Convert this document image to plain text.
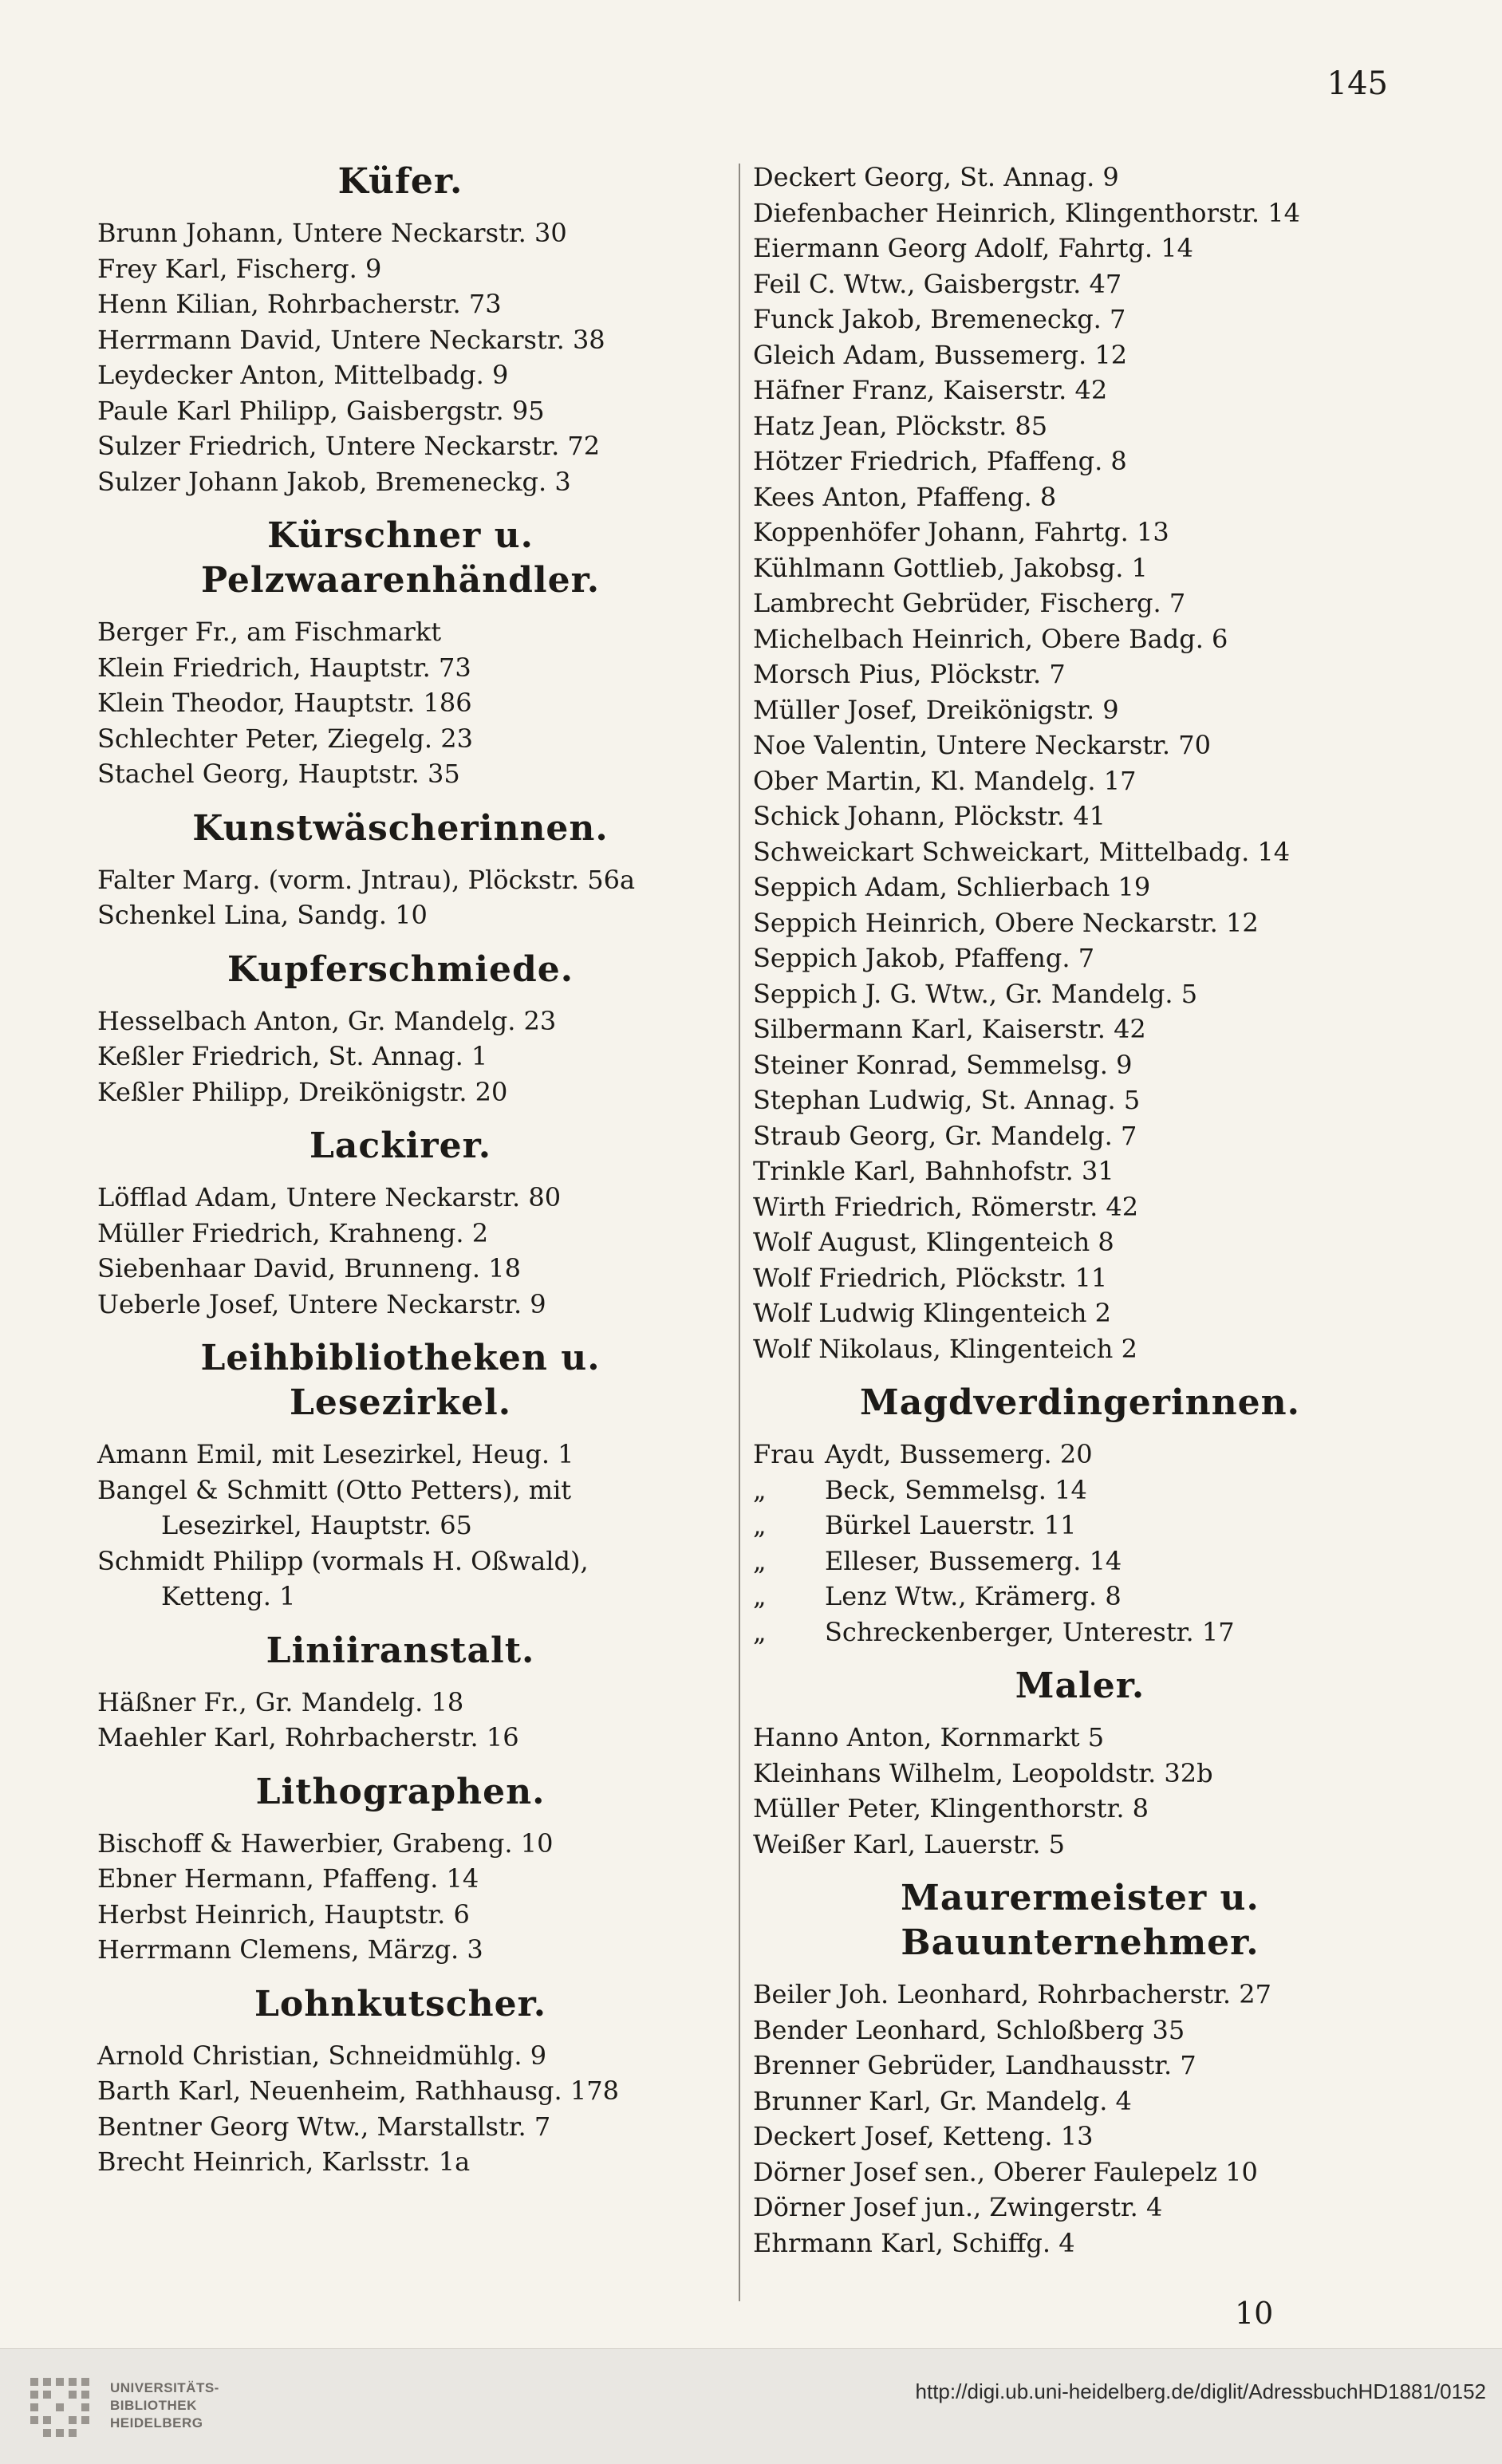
145
Küfer.
Brunn Johann, Untere Neckarstr. 30
Frey Karl, Fischerg. 9
Henn Kilian, Rohrbacherstr. 73
Herrmann David, Untere Neckarstr. 38
Leydecker Anton, Mittelbadg. 9
Paule Karl Philipp, Gaisbergstr. 95
Sulzer Friedrich, Untere Neckarstr. 72
Sulzer Johann Jakob, Bremeneckg. 3
Kürschner u. Pelzwaarenhändler.
Berger Fr., am Fischmarkt
Klein Friedrich, Hauptstr. 73
Klein Theodor, Hauptstr. 186
Schlechter Peter, Ziegelg. 23
Stachel Georg, Hauptstr. 35
Kunstwäscherinnen.
Falter Marg. (vorm. Jntrau), Plöckstr. 56a
Schenkel Lina, Sandg. 10
Kupferschmiede.
Hesselbach Anton, Gr. Mandelg. 23
Keßler Friedrich, St. Annag. 1
Keßler Philipp, Dreikönigstr. 20
Lackirer.
Löfflad Adam, Untere Neckarstr. 80
Müller Friedrich, Krahneng. 2
Siebenhaar David, Brunneng. 18
Ueberle Josef, Untere Neckarstr. 9
Leihbibliotheken u. Lesezirkel.
Amann Emil, mit Lesezirkel, Heug. 1
Bangel & Schmitt (Otto Petters), mit
Lesezirkel, Hauptstr. 65
Schmidt Philipp (vormals H. Oßwald),
Ketteng. 1
Liniiranstalt.
Häßner Fr., Gr. Mandelg. 18
Maehler Karl, Rohrbacherstr. 16
Lithographen.
Bischoff & Hawerbier, Grabeng. 10
Ebner Hermann, Pfaffeng. 14
Herbst Heinrich, Hauptstr. 6
Herrmann Clemens, Märzg. 3
Lohnkutscher.
Arnold Christian, Schneidmühlg. 9
Barth Karl, Neuenheim, Rathhausg. 178
Bentner Georg Wtw., Marstallstr. 7
Brecht Heinrich, Karlsstr. 1a
Deckert Georg, St. Annag. 9
Diefenbacher Heinrich, Klingenthorstr. 14
Eiermann Georg Adolf, Fahrtg. 14
Feil C. Wtw., Gaisbergstr. 47
Funck Jakob, Bremeneckg. 7
Gleich Adam, Bussemerg. 12
Häfner Franz, Kaiserstr. 42
Hatz Jean, Plöckstr. 85
Hötzer Friedrich, Pfaffeng. 8
Kees Anton, Pfaffeng. 8
Koppenhöfer Johann, Fahrtg. 13
Kühlmann Gottlieb, Jakobsg. 1
Lambrecht Gebrüder, Fischerg. 7
Michelbach Heinrich, Obere Badg. 6
Morsch Pius, Plöckstr. 7
Müller Josef, Dreikönigstr. 9
Noe Valentin, Untere Neckarstr. 70
Ober Martin, Kl. Mandelg. 17
Schick Johann, Plöckstr. 41
Schweickart Schweickart, Mittelbadg. 14
Seppich Adam, Schlierbach 19
Seppich Heinrich, Obere Neckarstr. 12
Seppich Jakob, Pfaffeng. 7
Seppich J. G. Wtw., Gr. Mandelg. 5
Silbermann Karl, Kaiserstr. 42
Steiner Konrad, Semmelsg. 9
Stephan Ludwig, St. Annag. 5
Straub Georg, Gr. Mandelg. 7
Trinkle Karl, Bahnhofstr. 31
Wirth Friedrich, Römerstr. 42
Wolf August, Klingenteich 8
Wolf Friedrich, Plöckstr. 11
Wolf Ludwig Klingenteich 2
Wolf Nikolaus, Klingenteich 2
Magdverdingerinnen.
Frau Aydt, Bussemerg. 20
„	Beck, Semmelsg. 14
„	Bürkel Lauerstr. 11
„	Elleser, Bussemerg. 14
„	Lenz Wtw., Krämerg. 8
„	Schreckenberger, Unterestr. 17
Maler.
Hanno Anton, Kornmarkt 5
Kleinhans Wilhelm, Leopoldstr. 32b
Müller Peter, Klingenthorstr. 8
Weißer Karl, Lauerstr. 5
Maurermeister u. Bauunternehmer.
Beiler Joh. Leonhard, Rohrbacherstr. 27
Bender Leonhard, Schloßberg 35
Brenner Gebrüder, Landhausstr. 7
Brunner Karl, Gr. Mandelg. 4
Deckert Josef, Ketteng. 13
Dörner Josef sen., Oberer Faulepelz 10
Dörner Josef jun., Zwingerstr. 4
Ehrmann Karl, Schiffg. 4
10
UNIVERSITÄTS-
BIBLIOTHEK
HEIDELBERG
http://digi.ub.uni-heidelberg.de/diglit/AdressbuchHD1881/0152
